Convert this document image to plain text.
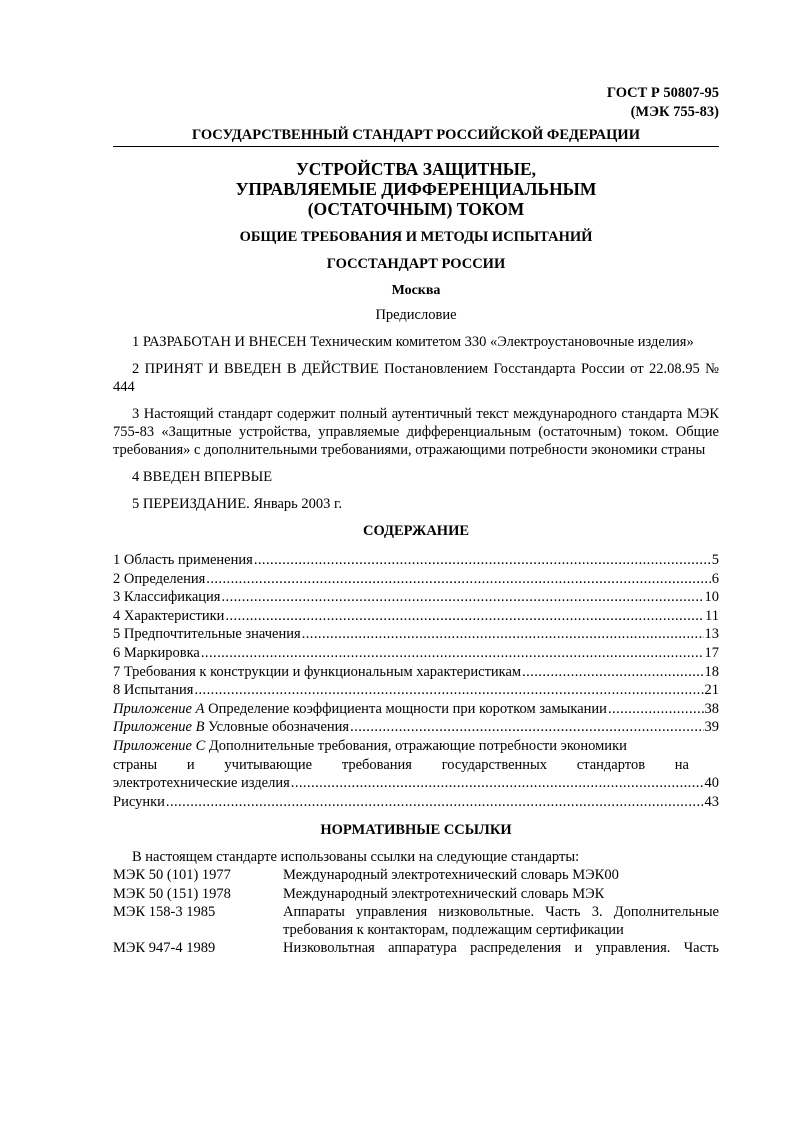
ГОСТ Р 50807-95
(МЭК 755-83)
ГОСУДАРСТВЕННЫЙ СТАНДАРТ РОССИЙСКОЙ ФЕДЕРАЦИИ
УСТРОЙСТВА ЗАЩИТНЫЕ,
УПРАВЛЯЕМЫЕ ДИФФЕРЕНЦИАЛЬНЫМ
(ОСТАТОЧНЫМ) ТОКОМ
ОБЩИЕ ТРЕБОВАНИЯ И МЕТОДЫ ИСПЫТАНИЙ
ГОССТАНДАРТ РОССИИ
Москва
Предисловие
1 РАЗРАБОТАН И ВНЕСЕН Техническим комитетом 330 «Электроустановочные изделия»
2 ПРИНЯТ И ВВЕДЕН В ДЕЙСТВИЕ Постановлением Госстандарта России от 22.08.95 № 444
3 Настоящий стандарт содержит полный аутентичный текст международного стандарта МЭК 755-83 «Защитные устройства, управляемые дифференциальным (остаточным) током. Общие требования» с дополнительными требованиями, отражающими потребности экономики страны
4 ВВЕДЕН ВПЕРВЫЕ
5 ПЕРЕИЗДАНИЕ. Январь 2003 г.
СОДЕРЖАНИЕ
1 Область применения . . .	5
2 Определения . . .	6
3 Классификация . . .	10
4 Характеристики . . .	11
5 Предпочтительные значения . . .	13
6 Маркировка . . .	17
7 Требования к конструкции и функциональным характеристикам . . .	18
8 Испытания . . .	21
Приложение А Определение коэффициента мощности при коротком замыкании . . .	38
Приложение В Условные обозначения . . .	39
Приложение С Дополнительные требования, отражающие потребности экономики
страны и учитывающие требования государственных стандартов на
электротехнические изделия . . .	40
Рисунки . . .	43
НОРМАТИВНЫЕ ССЫЛКИ
В настоящем стандарте использованы ссылки на следующие стандарты:
МЭК 50 (101) 1977	Международный электротехнический словарь МЭК00
МЭК 50 (151) 1978	Международный электротехнический словарь МЭК
МЭК 158-3 1985	Аппараты управления низковольтные. Часть 3. Дополнительные требования к контакторам, подлежащим сертификации
МЭК 947-4 1989	Низковольтная аппаратура распределения и управления. Часть
